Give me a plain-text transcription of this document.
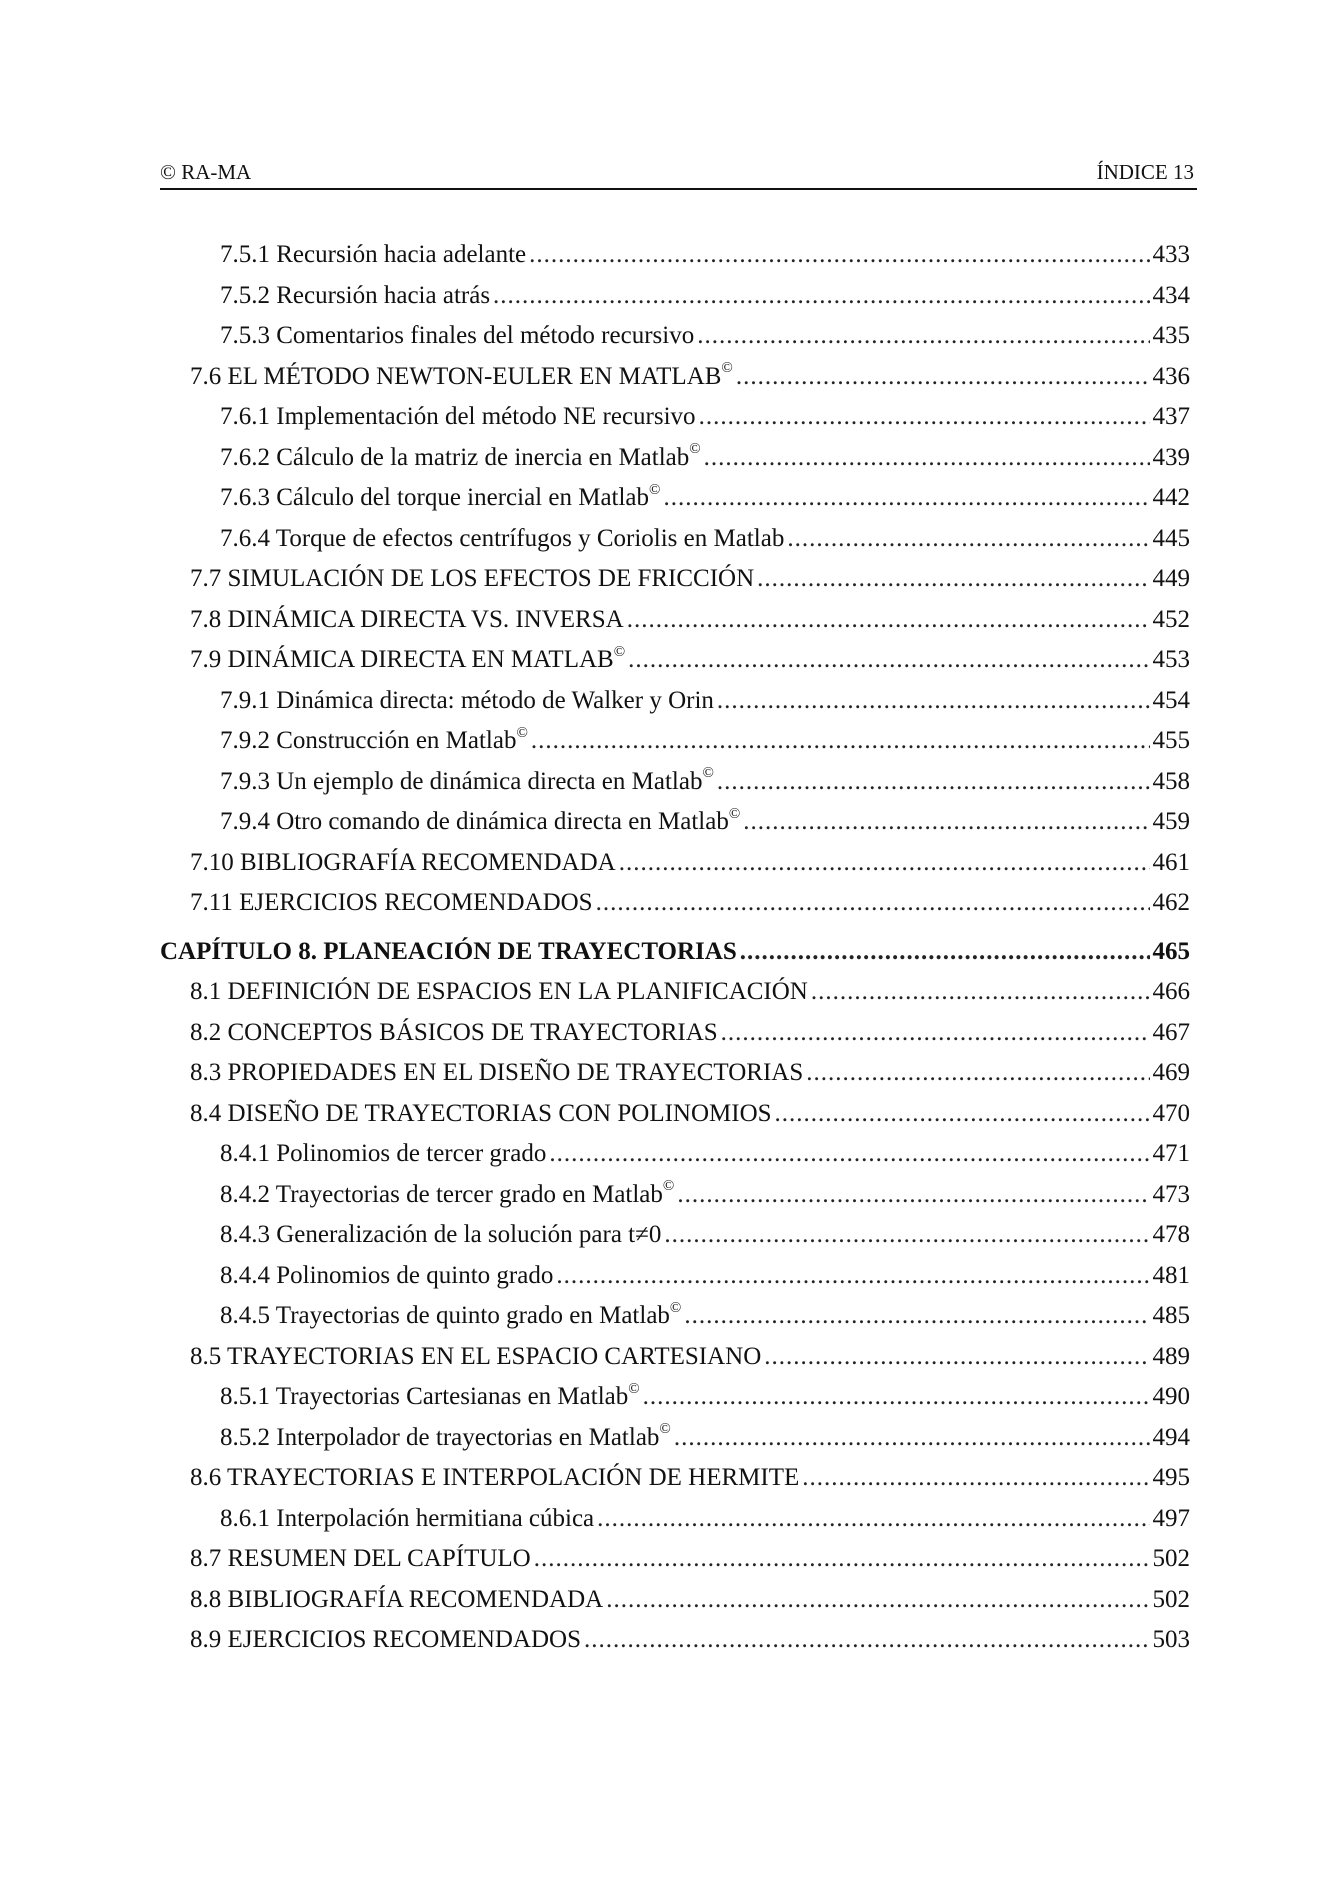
© RA-MA	ÍNDICE 13
7.5.1 Recursión hacia adelante .....	433
7.5.2 Recursión hacia atrás .....	434
7.5.3 Comentarios finales del método recursivo .....	435
7.6 EL MÉTODO NEWTON-EULER EN MATLAB© .....	436
7.6.1 Implementación del método NE recursivo .....	437
7.6.2 Cálculo de la matriz de inercia en Matlab© .....	439
7.6.3 Cálculo del torque inercial en Matlab© .....	442
7.6.4 Torque de efectos centrífugos y Coriolis en Matlab .....	445
7.7 SIMULACIÓN DE LOS EFECTOS DE FRICCIÓN .....	449
7.8 DINÁMICA DIRECTA VS. INVERSA .....	452
7.9 DINÁMICA DIRECTA EN MATLAB© .....	453
7.9.1 Dinámica directa: método de Walker y Orin .....	454
7.9.2 Construcción en Matlab© .....	455
7.9.3 Un ejemplo de dinámica directa en Matlab© .....	458
7.9.4 Otro comando de dinámica directa en Matlab© .....	459
7.10 BIBLIOGRAFÍA RECOMENDADA .....	461
7.11 EJERCICIOS RECOMENDADOS .....	462
CAPÍTULO 8. PLANEACIÓN DE TRAYECTORIAS .....	465
8.1 DEFINICIÓN DE ESPACIOS EN LA PLANIFICACIÓN .....	466
8.2 CONCEPTOS BÁSICOS DE TRAYECTORIAS .....	467
8.3 PROPIEDADES EN EL DISEÑO DE TRAYECTORIAS .....	469
8.4 DISEÑO DE TRAYECTORIAS CON POLINOMIOS .....	470
8.4.1 Polinomios de tercer grado .....	471
8.4.2 Trayectorias de tercer grado en Matlab© .....	473
8.4.3 Generalización de la solución para t≠0 .....	478
8.4.4 Polinomios de quinto grado .....	481
8.4.5 Trayectorias de quinto grado en Matlab© .....	485
8.5 TRAYECTORIAS EN EL ESPACIO CARTESIANO .....	489
8.5.1 Trayectorias Cartesianas en Matlab© .....	490
8.5.2 Interpolador de trayectorias en Matlab© .....	494
8.6 TRAYECTORIAS E INTERPOLACIÓN DE HERMITE .....	495
8.6.1 Interpolación hermitiana cúbica .....	497
8.7 RESUMEN DEL CAPÍTULO .....	502
8.8 BIBLIOGRAFÍA RECOMENDADA .....	502
8.9 EJERCICIOS RECOMENDADOS .....	503
